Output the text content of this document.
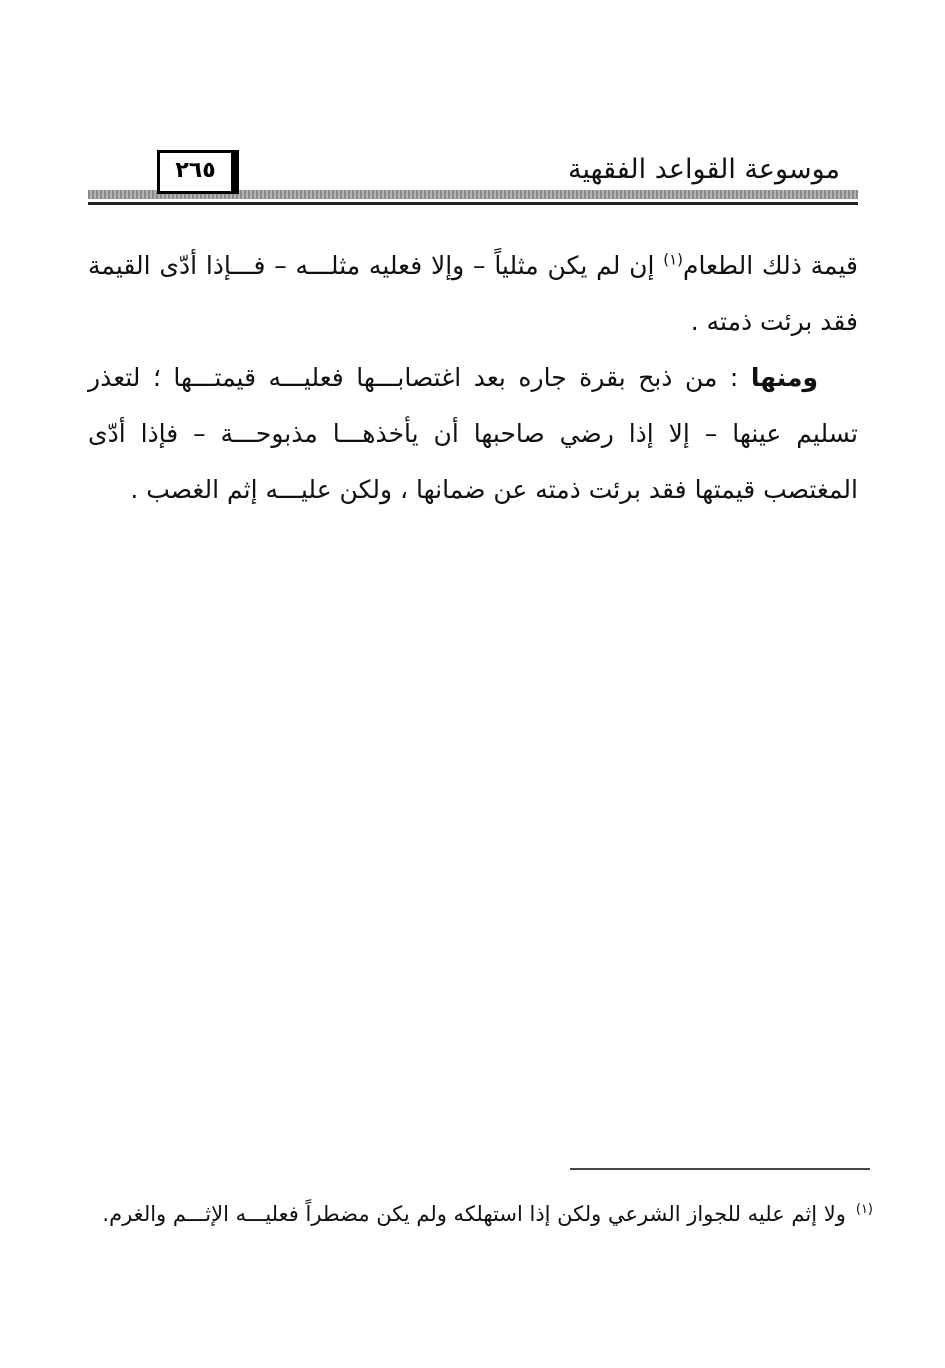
موسوعة القواعد الفقهية
٢٦٥

قيمة ذلك الطعام$^{(١)}$ إن لم يكن مثلياً – وإلا فعليه مثلـــه – فـــإذا أدّى القيمة فقد برئت ذمته .

ومنها : من ذبح بقرة جاره بعد اغتصابـــها فعليـــه قيمتـــها ؛ لتعذر تسليم عينها – إلا إذا رضي صاحبها أن يأخذهـــا مذبوحـــة – فإذا أدّى المغتصب قيمتها فقد برئت ذمته عن ضمانها ، ولكن عليـــه إثم الغصب .

$^{(١)}$ولا إثم عليه للجواز الشرعي ولكن إذا استهلكه ولم يكن مضطراً فعليـــه الإثـــم والغرم.
